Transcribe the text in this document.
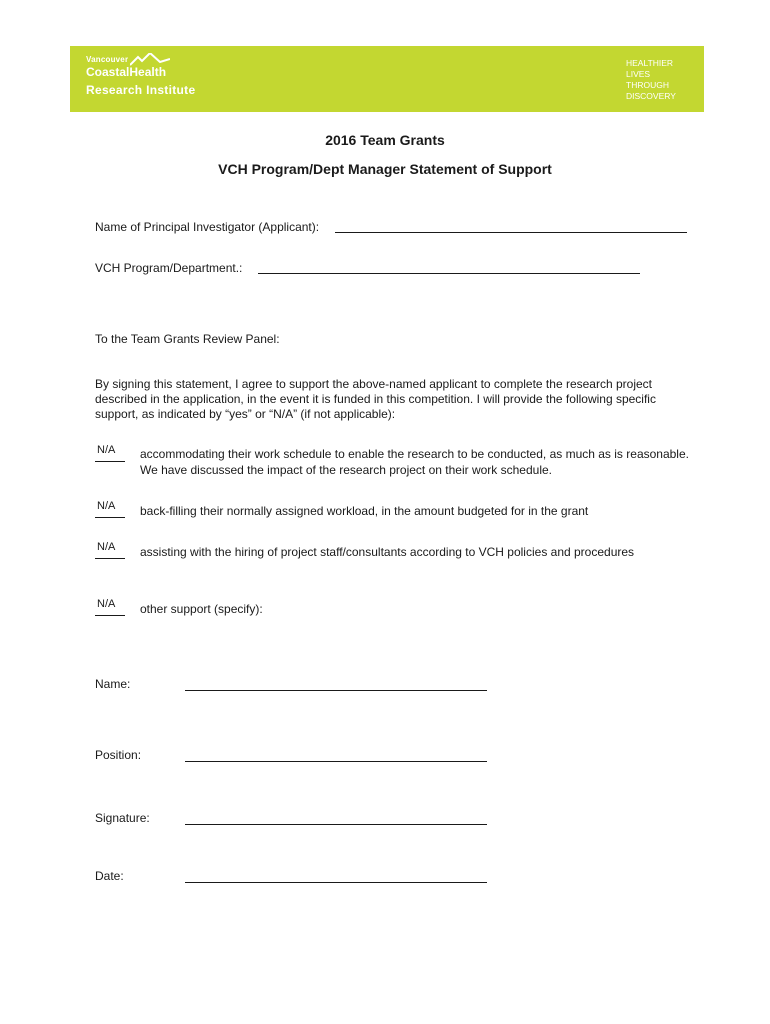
Vancouver
CoastalHealth
Research Institute
HEALTHIER
LIVES
THROUGH
DISCOVERY
2016 Team Grants
VCH Program/Dept Manager Statement of Support
Name of Principal Investigator (Applicant):
VCH Program/Department.:
To the Team Grants Review Panel:
By signing this statement, I agree to support the above-named applicant to complete the research project described in the application, in the event it is funded in this competition. I will provide the following specific support, as indicated by “yes” or “N/A” (if not applicable):
N/A	accommodating their work schedule to enable the research to be conducted, as much as is reasonable. We have discussed the impact of the research project on their work schedule.
N/A	back-filling their normally assigned workload, in the amount budgeted for in the grant
N/A	assisting with the hiring of project staff/consultants according to VCH policies and procedures
N/A	other support (specify):
Name:
Position:
Signature:
Date:
